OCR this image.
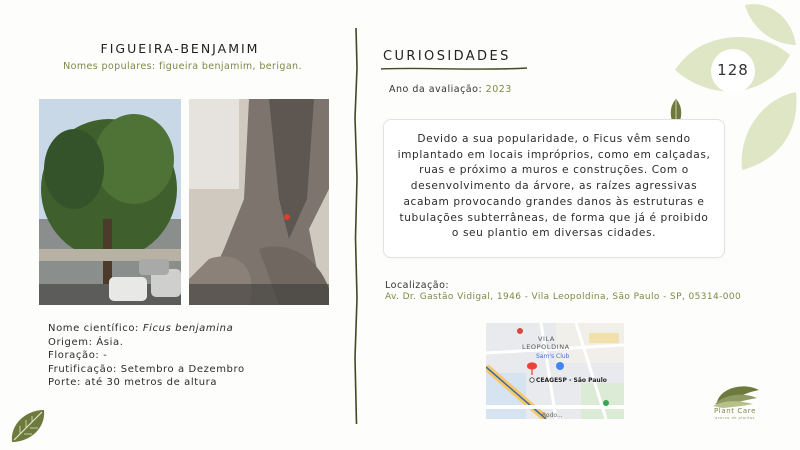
128
FIGUEIRA-BENJAMIM
Nomes populares: figueira benjamim, berigan.
Nome científico: Ficus benjamina
Origem: Ásia.
Floração: -
Frutificação: Setembro a Dezembro
Porte: até 30 metros de altura
CURIOSIDADES
Ano da avaliação: 2023
Devido a sua popularidade, o Ficus vêm sendo implantado em locais impróprios, como em calçadas, ruas e próximo a muros e construções. Com o desenvolvimento da árvore, as raízes agressivas acabam provocando grandes danos às estruturas e tubulações subterrâneas, de forma que já é proibido o seu plantio em diversas cidades.
Localização:
Av. Dr. Gastão Vidigal, 1946 - Vila Leopoldina, São Paulo - SP, 05314-000
VILA LEOPOLDINA
Sam's Club
CEAGESP - São Paulo
Rodo...
Plant Care
acervo de plantas
